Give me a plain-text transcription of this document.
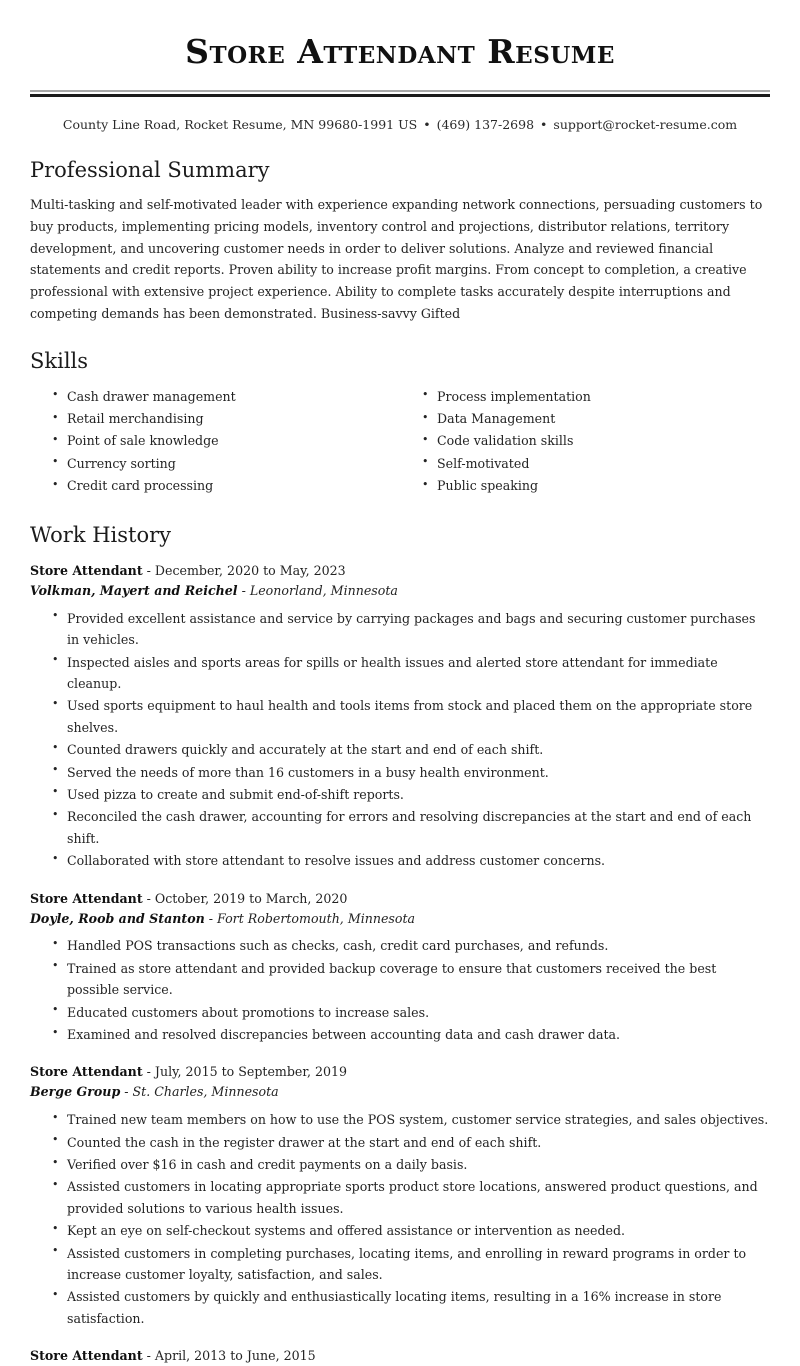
Store Attendant Resume
County Line Road, Rocket Resume, MN 99680-1991 US • (469) 137-2698 • support@rocket-resume.com
Professional Summary

Multi-tasking and self-motivated leader with experience expanding network connections, persuading customers to buy products, implementing pricing models, inventory control and projections, distributor relations, territory development, and uncovering customer needs in order to deliver solutions. Analyze and reviewed financial statements and credit reports. Proven ability to increase profit margins. From concept to completion, a creative professional with extensive project experience. Ability to complete tasks accurately despite interruptions and competing demands has been demonstrated. Business-savvy Gifted

Skills
• Cash drawer management
• Retail merchandising
• Point of sale knowledge
• Currency sorting
• Credit card processing
• Process implementation
• Data Management
• Code validation skills
• Self-motivated
• Public speaking
Work History
Store Attendant - December, 2020 to May, 2023
Volkman, Mayert and Reichel - Leonorland, Minnesota
• Provided excellent assistance and service by carrying packages and bags and securing customer purchases in vehicles.
• Inspected aisles and sports areas for spills or health issues and alerted store attendant for immediate cleanup.
• Used sports equipment to haul health and tools items from stock and placed them on the appropriate store shelves.
• Counted drawers quickly and accurately at the start and end of each shift.
• Served the needs of more than 16 customers in a busy health environment.
• Used pizza to create and submit end-of-shift reports.
• Reconciled the cash drawer, accounting for errors and resolving discrepancies at the start and end of each shift.
• Collaborated with store attendant to resolve issues and address customer concerns.
Store Attendant - October, 2019 to March, 2020
Doyle, Roob and Stanton - Fort Robertomouth, Minnesota
• Handled POS transactions such as checks, cash, credit card purchases, and refunds.
• Trained as store attendant and provided backup coverage to ensure that customers received the best possible service.
• Educated customers about promotions to increase sales.
• Examined and resolved discrepancies between accounting data and cash drawer data.
Store Attendant - July, 2015 to September, 2019
Berge Group - St. Charles, Minnesota
• Trained new team members on how to use the POS system, customer service strategies, and sales objectives.
• Counted the cash in the register drawer at the start and end of each shift.
• Verified over $16 in cash and credit payments on a daily basis.
• Assisted customers in locating appropriate sports product store locations, answered product questions, and provided solutions to various health issues.
• Kept an eye on self-checkout systems and offered assistance or intervention as needed.
• Assisted customers in completing purchases, locating items, and enrolling in reward programs in order to increase customer loyalty, satisfaction, and sales.
• Assisted customers by quickly and enthusiastically locating items, resulting in a 16% increase in store satisfaction.
Store Attendant - April, 2013 to June, 2015
